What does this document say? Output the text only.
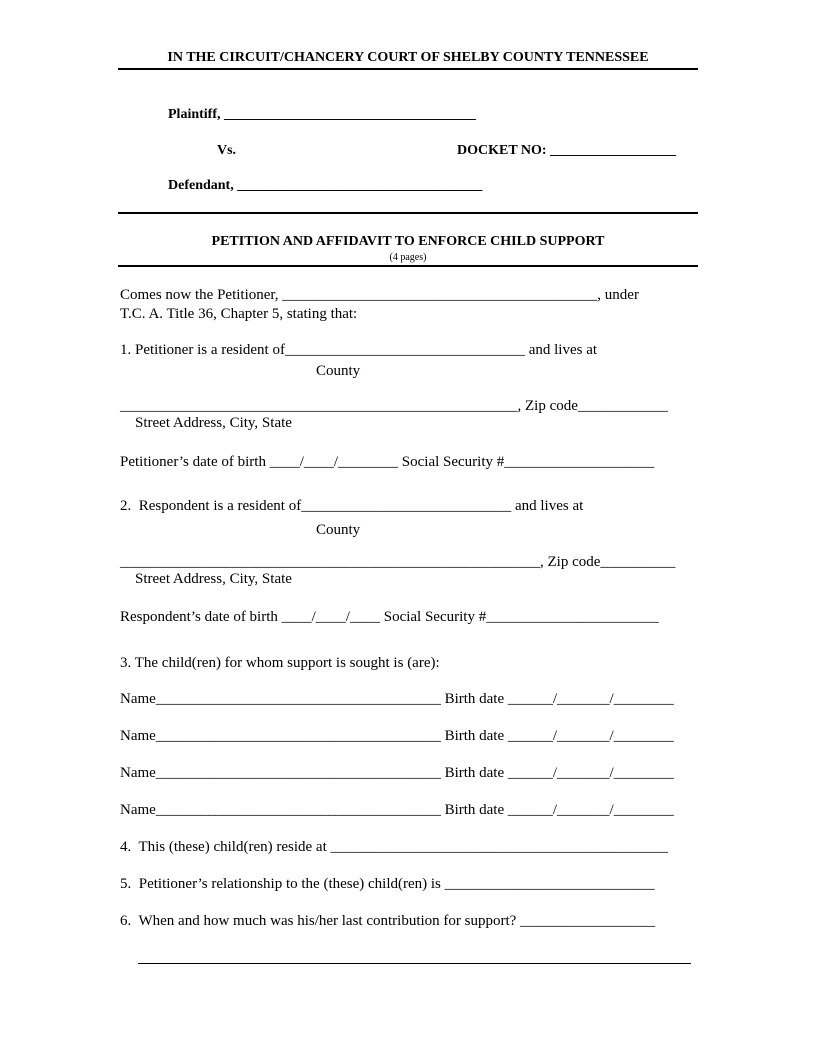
IN THE CIRCUIT/CHANCERY COURT OF SHELBY COUNTY TENNESSEE
Plaintiff, ____________________________________
Vs.	DOCKET NO: __________________
Defendant, ___________________________________
PETITION AND AFFIDAVIT TO ENFORCE CHILD SUPPORT
(4 pages)
Comes now the Petitioner, __________________________________________, under
T.C. A. Title 36, Chapter 5, stating that:
1. Petitioner is a resident of________________________________ and lives at
County
_____________________________________________________, Zip code____________
Street Address, City, State
Petitioner’s date of birth ____/____/________ Social Security #____________________
2.  Respondent is a resident of____________________________ and lives at
County
________________________________________________________, Zip code__________
Street Address, City, State
Respondent’s date of birth ____/____/____ Social Security #_______________________
3. The child(ren) for whom support is sought is (are):
Name______________________________________ Birth date ______/_______/________
Name______________________________________ Birth date ______/_______/________
Name______________________________________ Birth date ______/_______/________
Name______________________________________ Birth date ______/_______/________
4.  This (these) child(ren) reside at _____________________________________________
5.  Petitioner’s relationship to the (these) child(ren) is ____________________________
6.  When and how much was his/her last contribution for support? __________________
